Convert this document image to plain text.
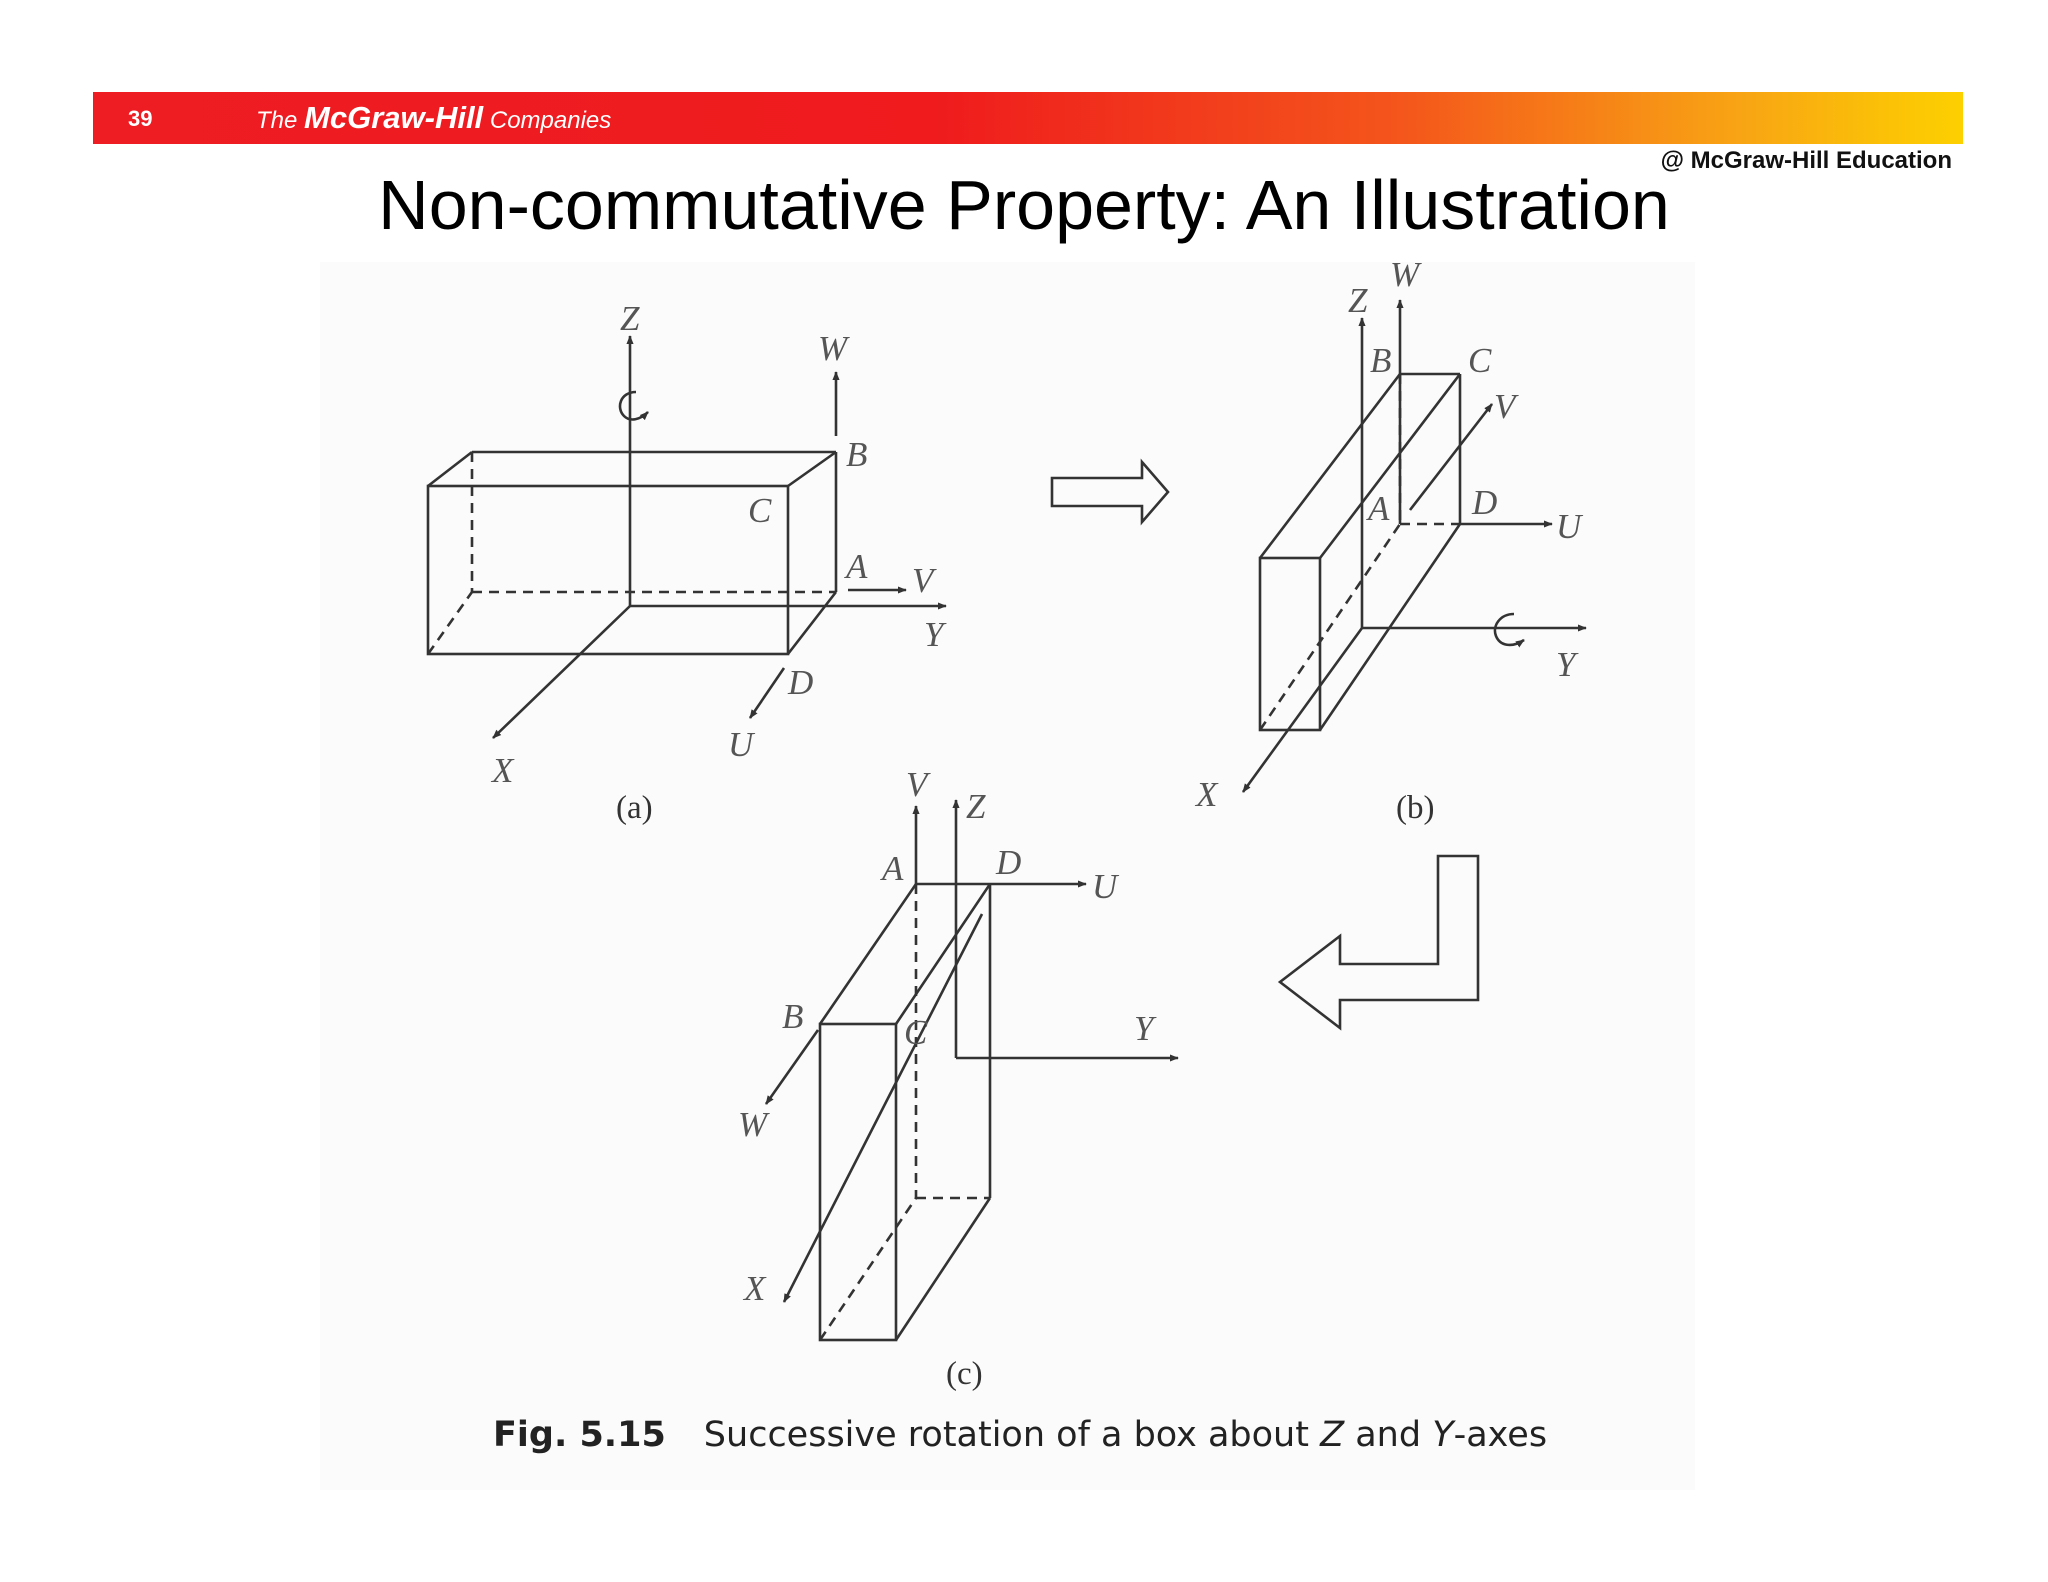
39	The McGraw-Hill Companies
@ McGraw-Hill Education
Non-commutative Property: An Illustration
Z
X
Y
W
U
V
B
C
A
D
(a)
Z
X
Y
W
U
V
B C
A D
(b)
Z
X
Y
V
U
W
A	D
B	C
(c)
Fig. 5.15 Successive rotation of a box about Z and Y-axes
